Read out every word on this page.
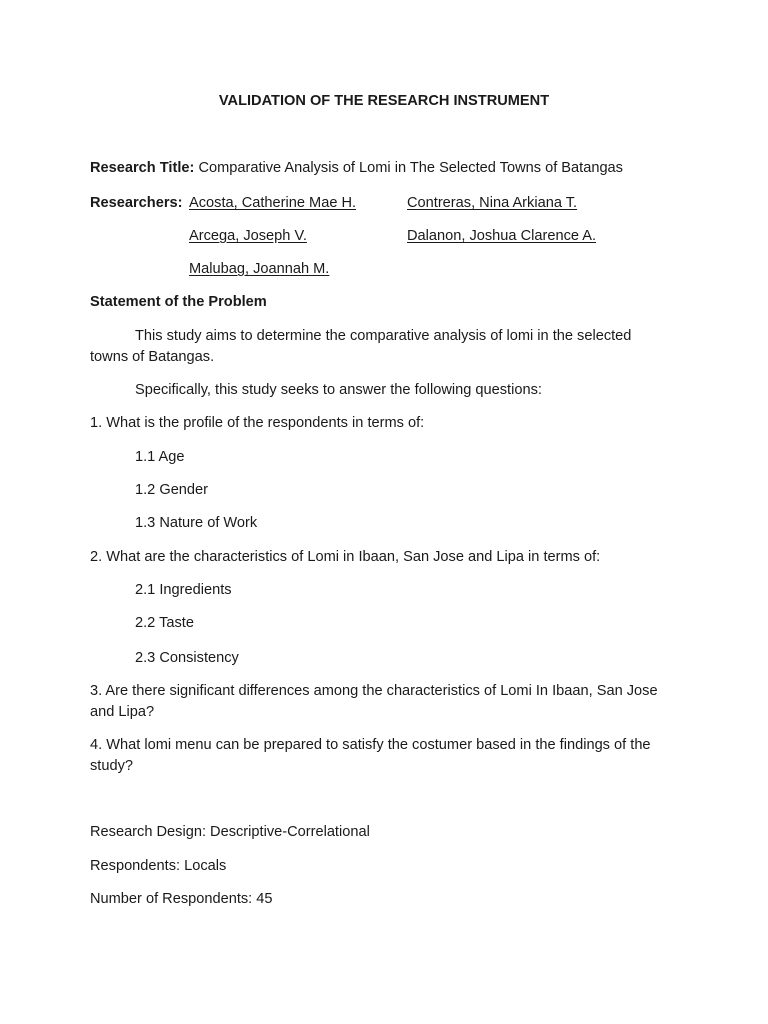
VALIDATION OF THE RESEARCH INSTRUMENT
Research Title: Comparative Analysis of Lomi in The Selected Towns of Batangas
Researchers: Acosta, Catherine Mae H.	Contreras, Nina Arkiana T.
Arcega, Joseph V.	Dalanon, Joshua Clarence A.
Malubag, Joannah M.
Statement of the Problem
This study aims to determine the comparative analysis of lomi in the selected
towns of Batangas.
Specifically, this study seeks to answer the following questions:
1. What is the profile of the respondents in terms of:
1.1 Age
1.2 Gender
1.3 Nature of Work
2. What are the characteristics of Lomi in Ibaan, San Jose and Lipa in terms of:
2.1 Ingredients
2.2 Taste
2.3 Consistency
3. Are there significant differences among the characteristics of Lomi In Ibaan, San Jose
and Lipa?
4. What lomi menu can be prepared to satisfy the costumer based in the findings of the
study?
Research Design: Descriptive-Correlational
Respondents: Locals
Number of Respondents: 45
